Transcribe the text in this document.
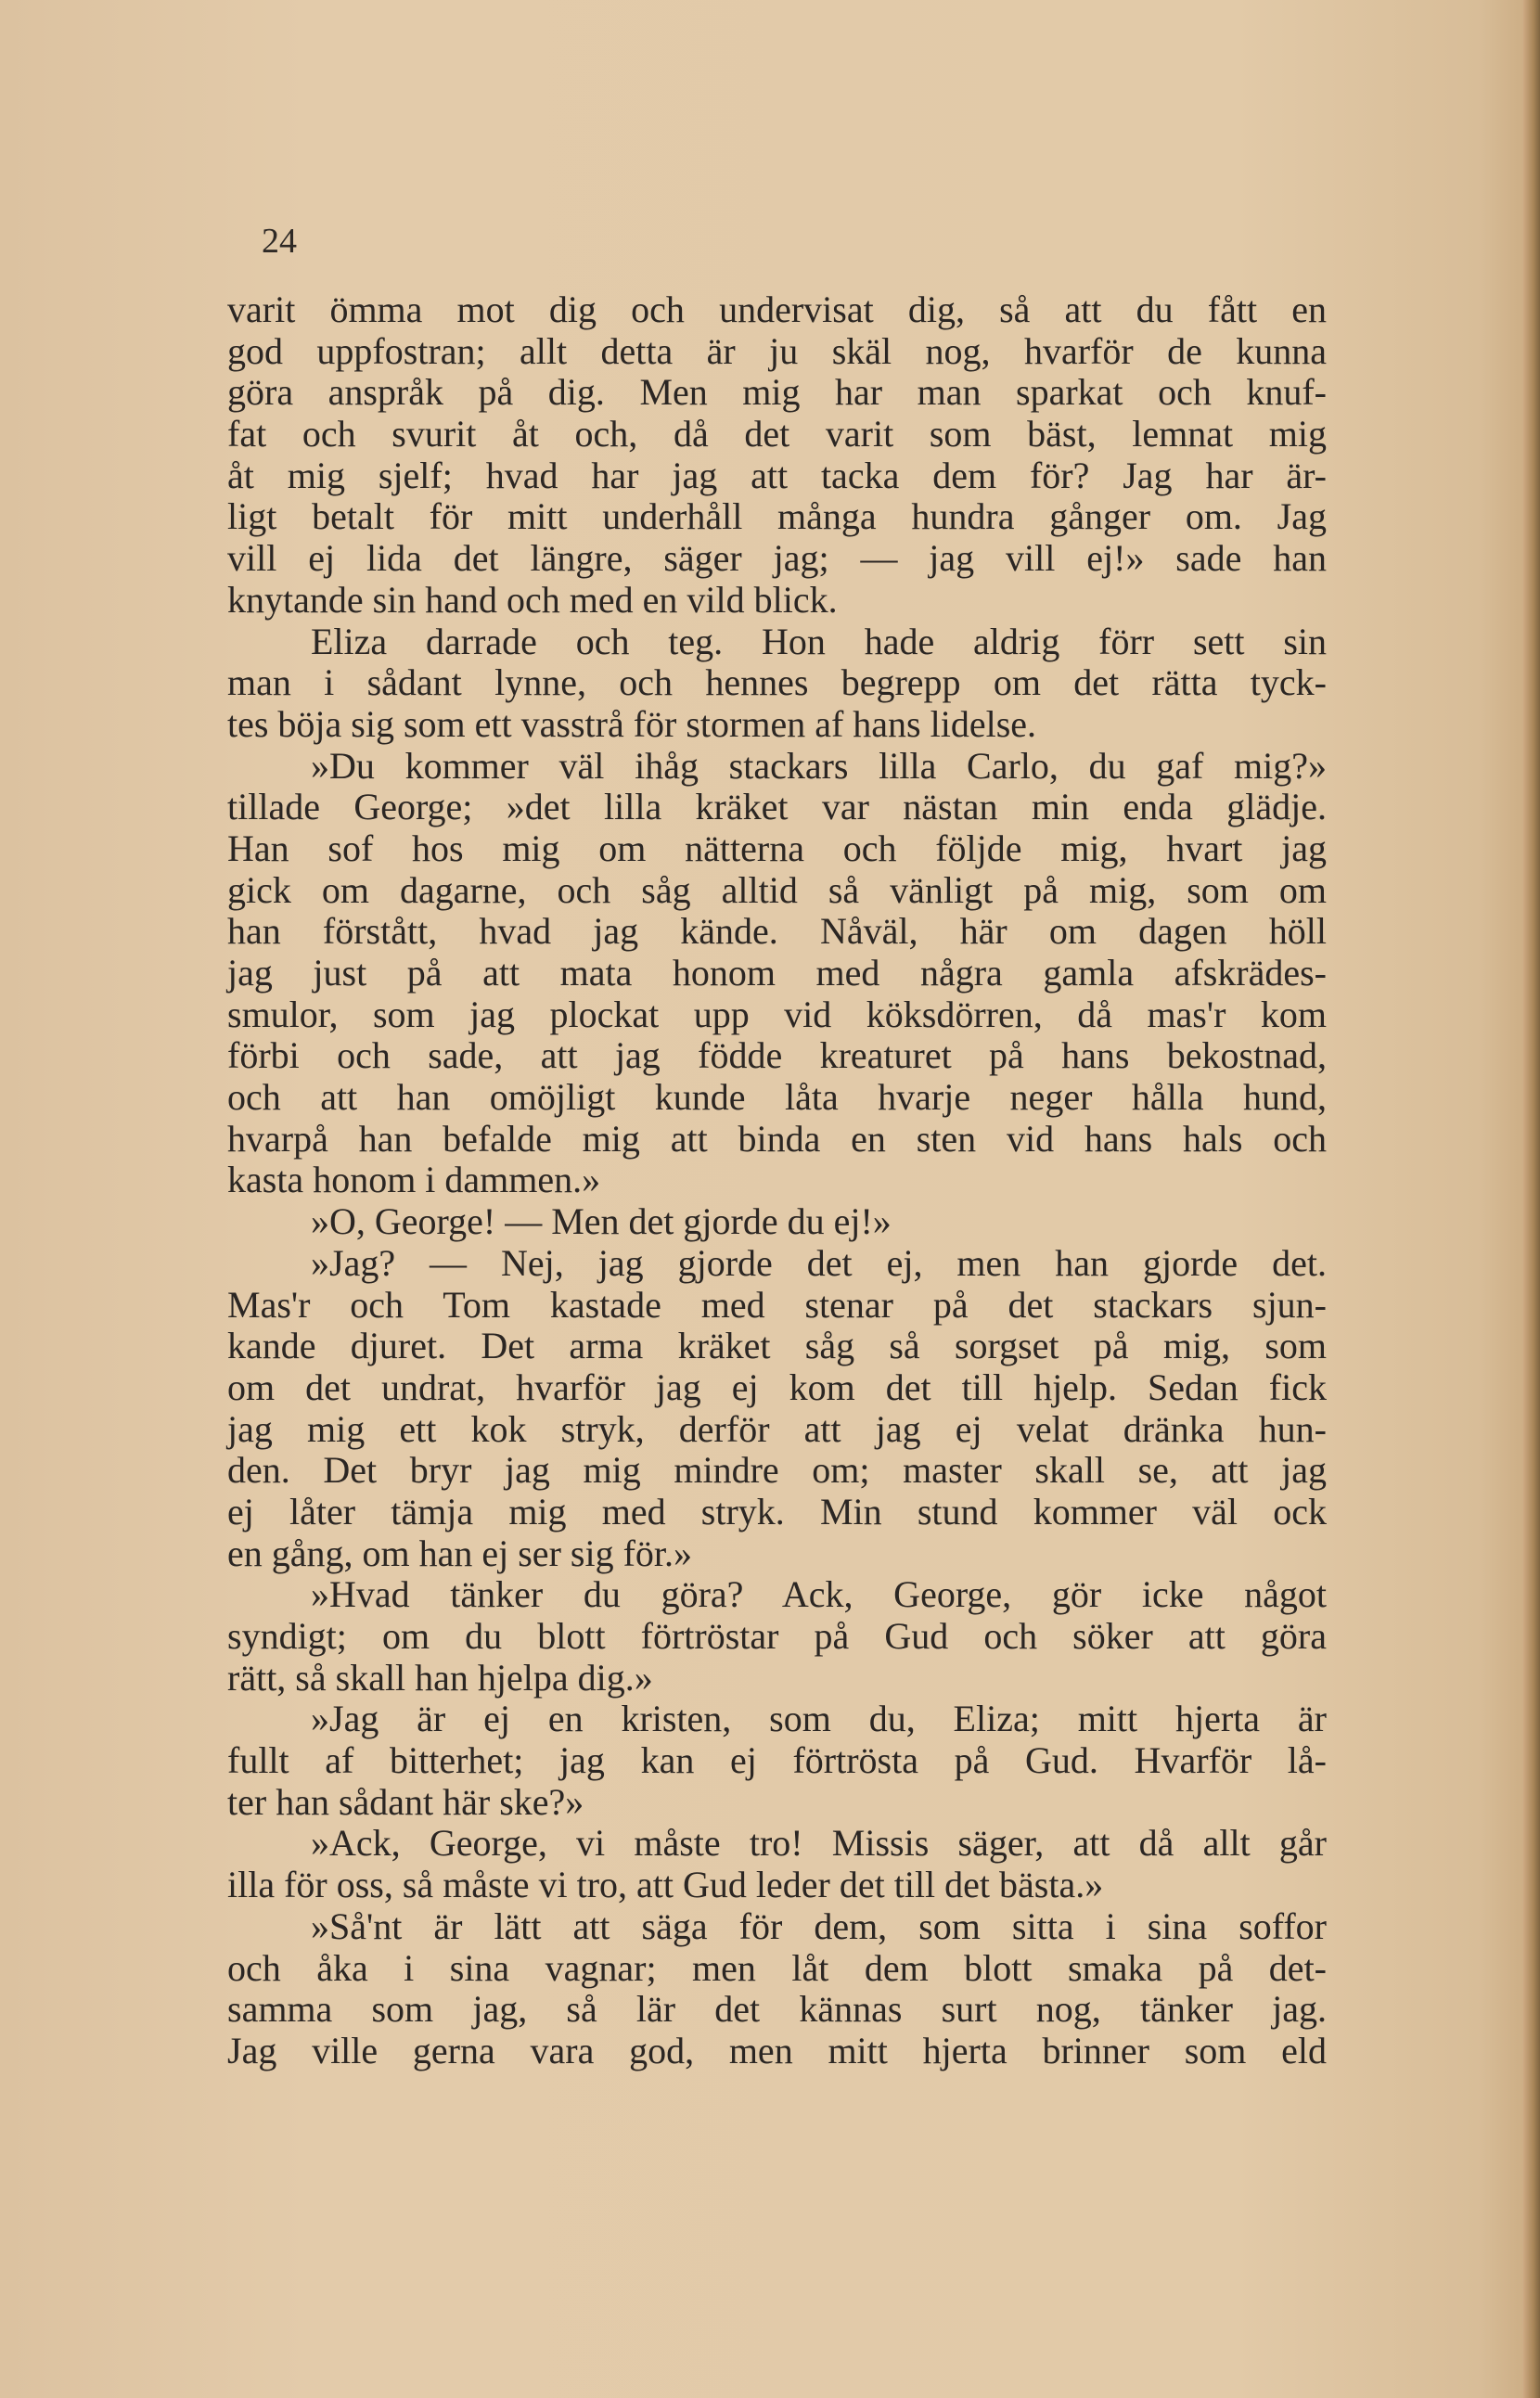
24

varit ömma mot dig och undervisat dig, så att du fått en
god uppfostran; allt detta är ju skäl nog, hvarför de kunna
göra anspråk på dig. Men mig har man sparkat och knuf-
fat och svurit åt och, då det varit som bäst, lemnat mig
åt mig sjelf; hvad har jag att tacka dem för? Jag har är-
ligt betalt för mitt underhåll många hundra gånger om. Jag
vill ej lida det längre, säger jag; — jag vill ej!» sade han
knytande sin hand och med en vild blick.
Eliza darrade och teg. Hon hade aldrig förr sett sin
man i sådant lynne, och hennes begrepp om det rätta tyck-
tes böja sig som ett vasstrå för stormen af hans lidelse.
»Du kommer väl ihåg stackars lilla Carlo, du gaf mig?»
tillade George; »det lilla kräket var nästan min enda glädje.
Han sof hos mig om nätterna och följde mig, hvart jag
gick om dagarne, och såg alltid så vänligt på mig, som om
han förstått, hvad jag kände. Nåväl, här om dagen höll
jag just på att mata honom med några gamla afskrädes-
smulor, som jag plockat upp vid köksdörren, då mas'r kom
förbi och sade, att jag födde kreaturet på hans bekostnad,
och att han omöjligt kunde låta hvarje neger hålla hund,
hvarpå han befalde mig att binda en sten vid hans hals och
kasta honom i dammen.»
»O, George! — Men det gjorde du ej!»
»Jag? — Nej, jag gjorde det ej, men han gjorde det.
Mas'r och Tom kastade med stenar på det stackars sjun-
kande djuret. Det arma kräket såg så sorgset på mig, som
om det undrat, hvarför jag ej kom det till hjelp. Sedan fick
jag mig ett kok stryk, derför att jag ej velat dränka hun-
den. Det bryr jag mig mindre om; master skall se, att jag
ej låter tämja mig med stryk. Min stund kommer väl ock
en gång, om han ej ser sig för.»
»Hvad tänker du göra? Ack, George, gör icke något
syndigt; om du blott förtröstar på Gud och söker att göra
rätt, så skall han hjelpa dig.»
»Jag är ej en kristen, som du, Eliza; mitt hjerta är
fullt af bitterhet; jag kan ej förtrösta på Gud. Hvarför lå-
ter han sådant här ske?»
»Ack, George, vi måste tro! Missis säger, att då allt går
illa för oss, så måste vi tro, att Gud leder det till det bästa.»
»Så'nt är lätt att säga för dem, som sitta i sina soffor
och åka i sina vagnar; men låt dem blott smaka på det-
samma som jag, så lär det kännas surt nog, tänker jag.
Jag ville gerna vara god, men mitt hjerta brinner som eld
